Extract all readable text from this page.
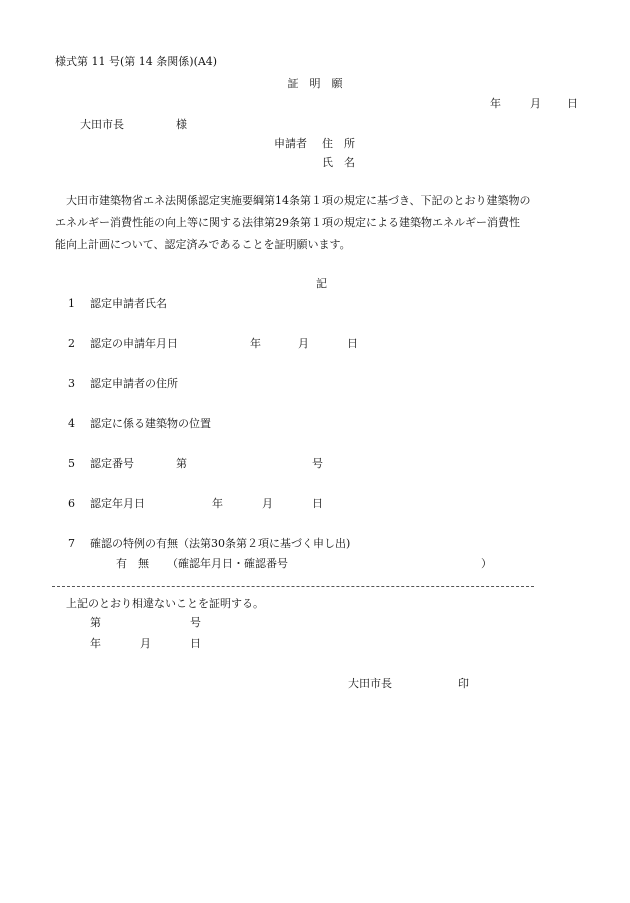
様式第 11 号(第 14 条関係)(A4)
証　明　願
年	月 日
大田市長	様
申請者 住　所
氏　名
大田市建築物省エネ法関係認定実施要綱第14条第１項の規定に基づき、下記のとおり建築物の
エネルギー消費性能の向上等に関する法律第29条第１項の規定による建築物エネルギー消費性
能向上計画について、認定済みであることを証明願います。
記
1 認定申請者氏名
2 認定の申請年月日	年	月	日
3 認定申請者の住所
4 認定に係る建築物の位置
5 認定番号	第	号
6 認定年月日	年	月	日
7 確認の特例の有無（法第30条第２項に基づく申し出)
有　無 （確認年月日・確認番号	）
上記のとおり相違ないことを証明する。
第	号
年	月	日
大田市長	印
